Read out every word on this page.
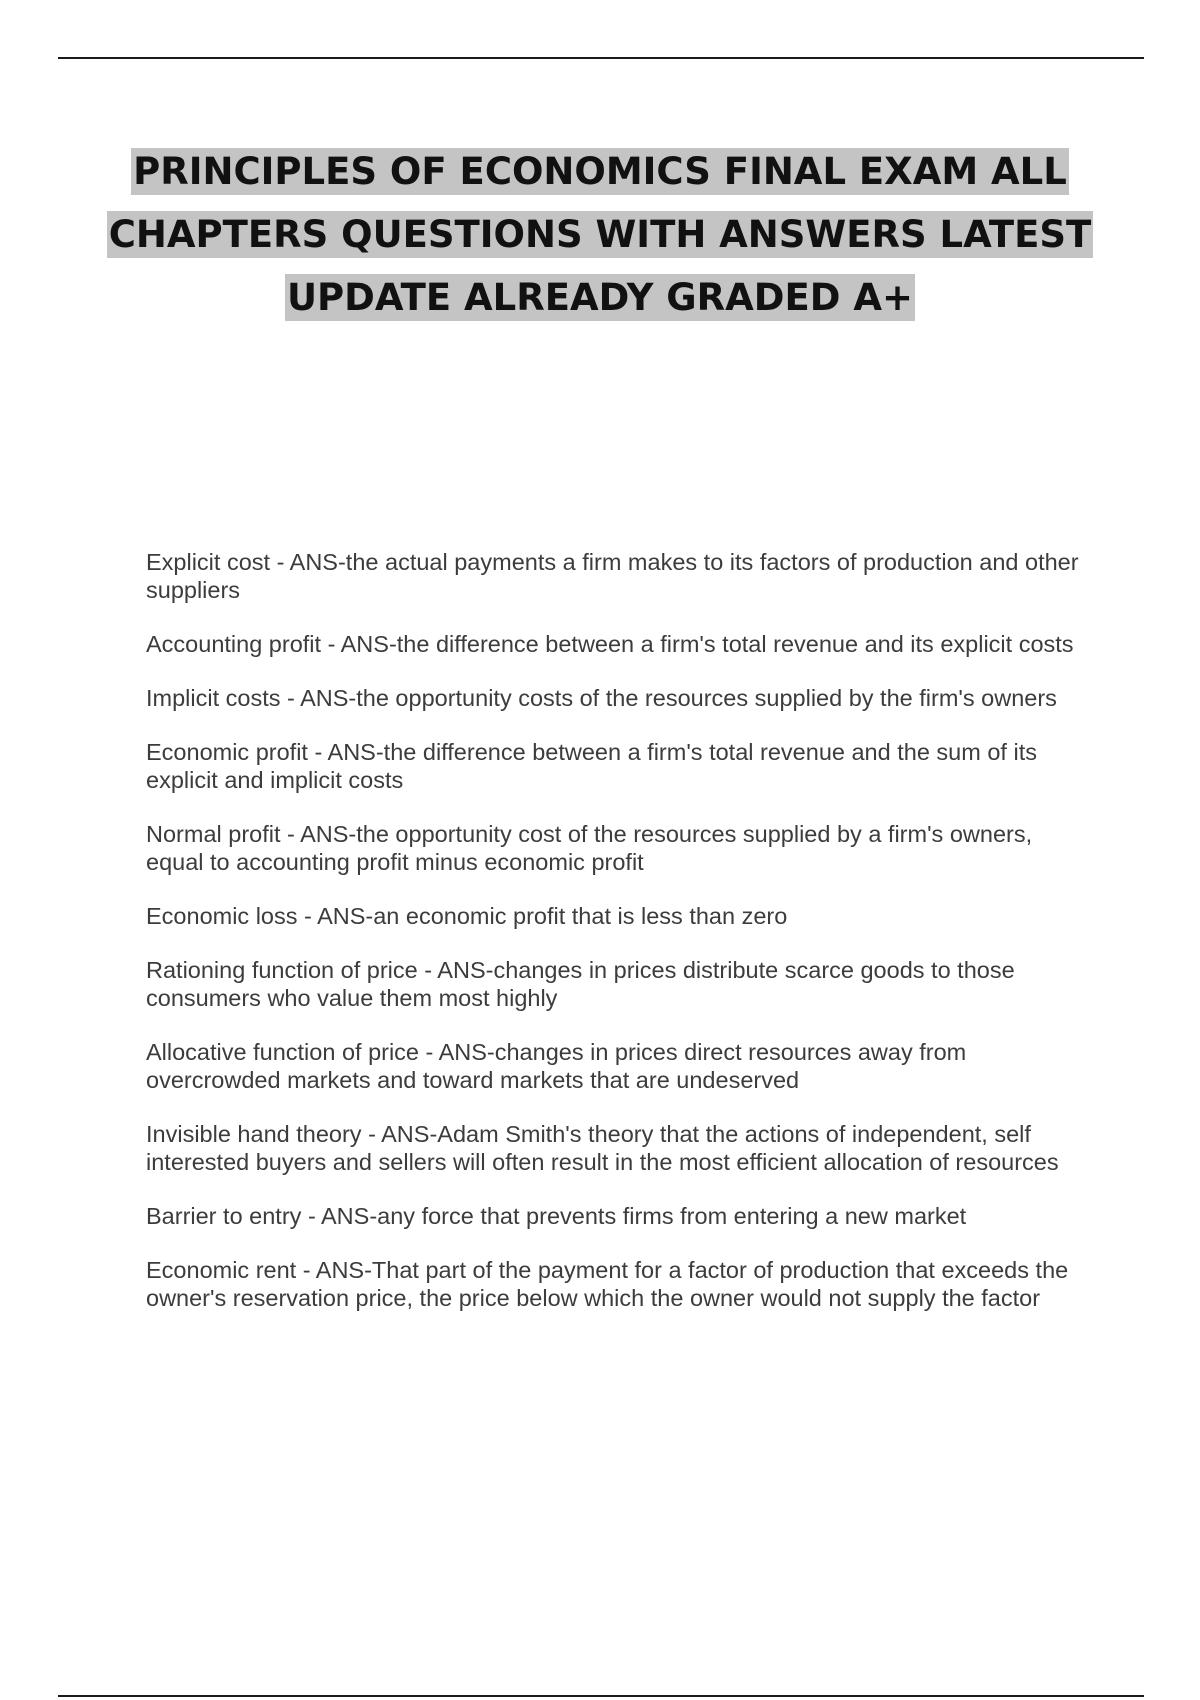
PRINCIPLES OF ECONOMICS FINAL EXAM ALL CHAPTERS QUESTIONS WITH ANSWERS LATEST UPDATE ALREADY GRADED A+
Explicit cost - ANS-the actual payments a firm makes to its factors of production and other suppliers
Accounting profit - ANS-the difference between a firm's total revenue and its explicit costs
Implicit costs - ANS-the opportunity costs of the resources supplied by the firm's owners
Economic profit - ANS-the difference between a firm's total revenue and the sum of its explicit and implicit costs
Normal profit - ANS-the opportunity cost of the resources supplied by a firm's owners, equal to accounting profit minus economic profit
Economic loss - ANS-an economic profit that is less than zero
Rationing function of price - ANS-changes in prices distribute scarce goods to those consumers who value them most highly
Allocative function of price - ANS-changes in prices direct resources away from overcrowded markets and toward markets that are undeserved
Invisible hand theory - ANS-Adam Smith's theory that the actions of independent, self interested buyers and sellers will often result in the most efficient allocation of resources
Barrier to entry - ANS-any force that prevents firms from entering a new market
Economic rent - ANS-That part of the payment for a factor of production that exceeds the owner's reservation price, the price below which the owner would not supply the factor
